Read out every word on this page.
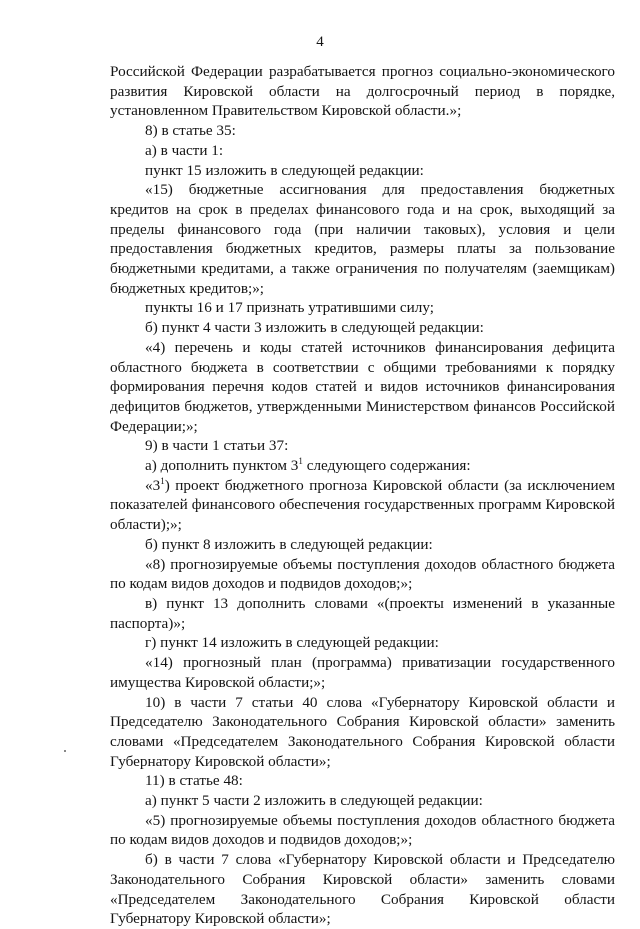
4

Российской Федерации разрабатывается прогноз социально-экономического развития Кировской области на долгосрочный период в порядке, установленном Правительством Кировской области.»;

8) в статье 35:

а) в части 1:

пункт 15 изложить в следующей редакции:

«15) бюджетные ассигнования для предоставления бюджетных кредитов на срок в пределах финансового года и на срок, выходящий за пределы финансового года (при наличии таковых), условия и цели предоставления бюджетных кредитов, размеры платы за пользование бюджетными кредитами, а также ограничения по получателям (заемщикам) бюджетных кредитов;»;

пункты 16 и 17 признать утратившими силу;

б) пункт 4 части 3 изложить в следующей редакции:

«4) перечень и коды статей источников финансирования дефицита областного бюджета в соответствии с общими требованиями к порядку формирования перечня кодов статей и видов источников финансирования дефицитов бюджетов, утвержденными Министерством финансов Российской Федерации;»;

9) в части 1 статьи 37:

а) дополнить пунктом $3^1$ следующего содержания:

«$3^1$) проект бюджетного прогноза Кировской области (за исключением показателей финансового обеспечения государственных программ Кировской области);»;

б) пункт 8 изложить в следующей редакции:

«8) прогнозируемые объемы поступления доходов областного бюджета по кодам видов доходов и подвидов доходов;»;

в) пункт 13 дополнить словами «(проекты изменений в указанные паспорта)»;

г) пункт 14 изложить в следующей редакции:

«14) прогнозный план (программа) приватизации государственного имущества Кировской области;»;

10) в части 7 статьи 40 слова «Губернатору Кировской области и Председателю Законодательного Собрания Кировской области» заменить словами «Председателем Законодательного Собрания Кировской области Губернатору Кировской области»;

11) в статье 48:

а) пункт 5 части 2 изложить в следующей редакции:

«5) прогнозируемые объемы поступления доходов областного бюджета по кодам видов доходов и подвидов доходов;»;

б) в части 7 слова «Губернатору Кировской области и Председателю Законодательного Собрания Кировской области» заменить словами

«Председателем Законодательного Собрания Кировской области

Губернатору Кировской области»;
